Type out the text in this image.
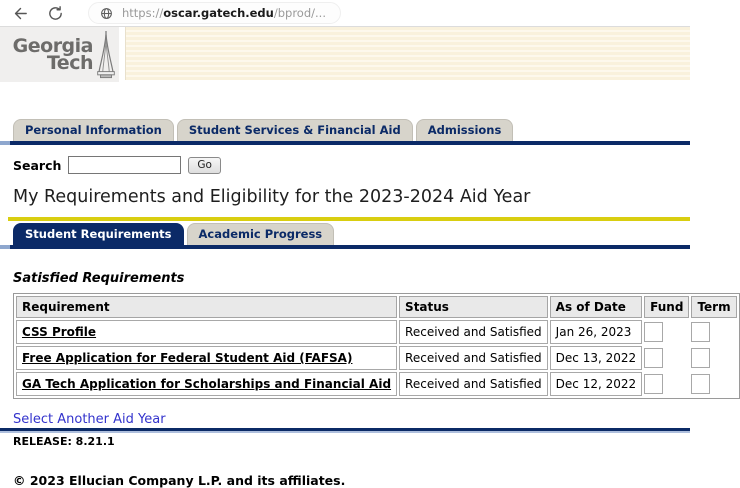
https://oscar.gatech.edu/bprod/...
Georgia
Tech
Personal Information	Student Services & Financial Aid	Admissions
Search	Go
My Requirements and Eligibility for the 2023-2024 Aid Year
Student Requirements	Academic Progress
Satisfied Requirements
Requirement	Status	As of Date	Fund	Term
CSS Profile	Received and Satisfied	Jan 26, 2023	

Free Application for Federal Student Aid (FAFSA)	Received and Satisfied	Dec 13, 2022	

GA Tech Application for Scholarships and Financial Aid	Received and Satisfied	Dec 12, 2022	

Select Another Aid Year
RELEASE: 8.21.1
© 2023 Ellucian Company L.P. and its affiliates.
